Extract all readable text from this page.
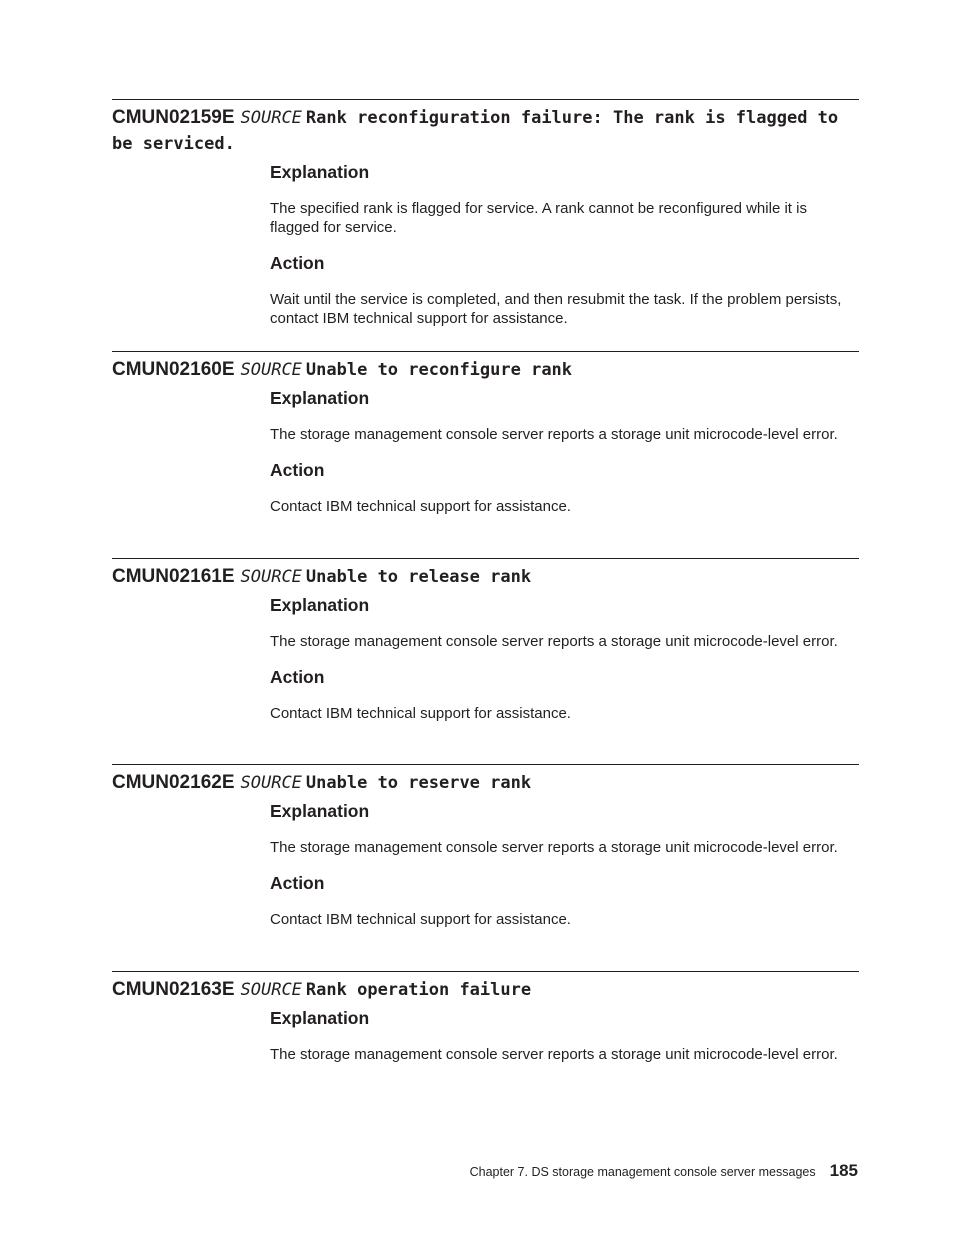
CMUN02159E SOURCE Rank reconfiguration failure: The rank is flagged to be serviced.
Explanation

The specified rank is flagged for service. A rank cannot be reconfigured while it is flagged for service.

Action

Wait until the service is completed, and then resubmit the task. If the problem persists, contact IBM technical support for assistance.

CMUN02160E SOURCE Unable to reconfigure rank
Explanation

The storage management console server reports a storage unit microcode-level error.

Action

Contact IBM technical support for assistance.

CMUN02161E SOURCE Unable to release rank
Explanation

The storage management console server reports a storage unit microcode-level error.

Action

Contact IBM technical support for assistance.

CMUN02162E SOURCE Unable to reserve rank
Explanation

The storage management console server reports a storage unit microcode-level error.

Action

Contact IBM technical support for assistance.

CMUN02163E SOURCE Rank operation failure
Explanation

The storage management console server reports a storage unit microcode-level error.

Chapter 7. DS storage management console server messages 185
